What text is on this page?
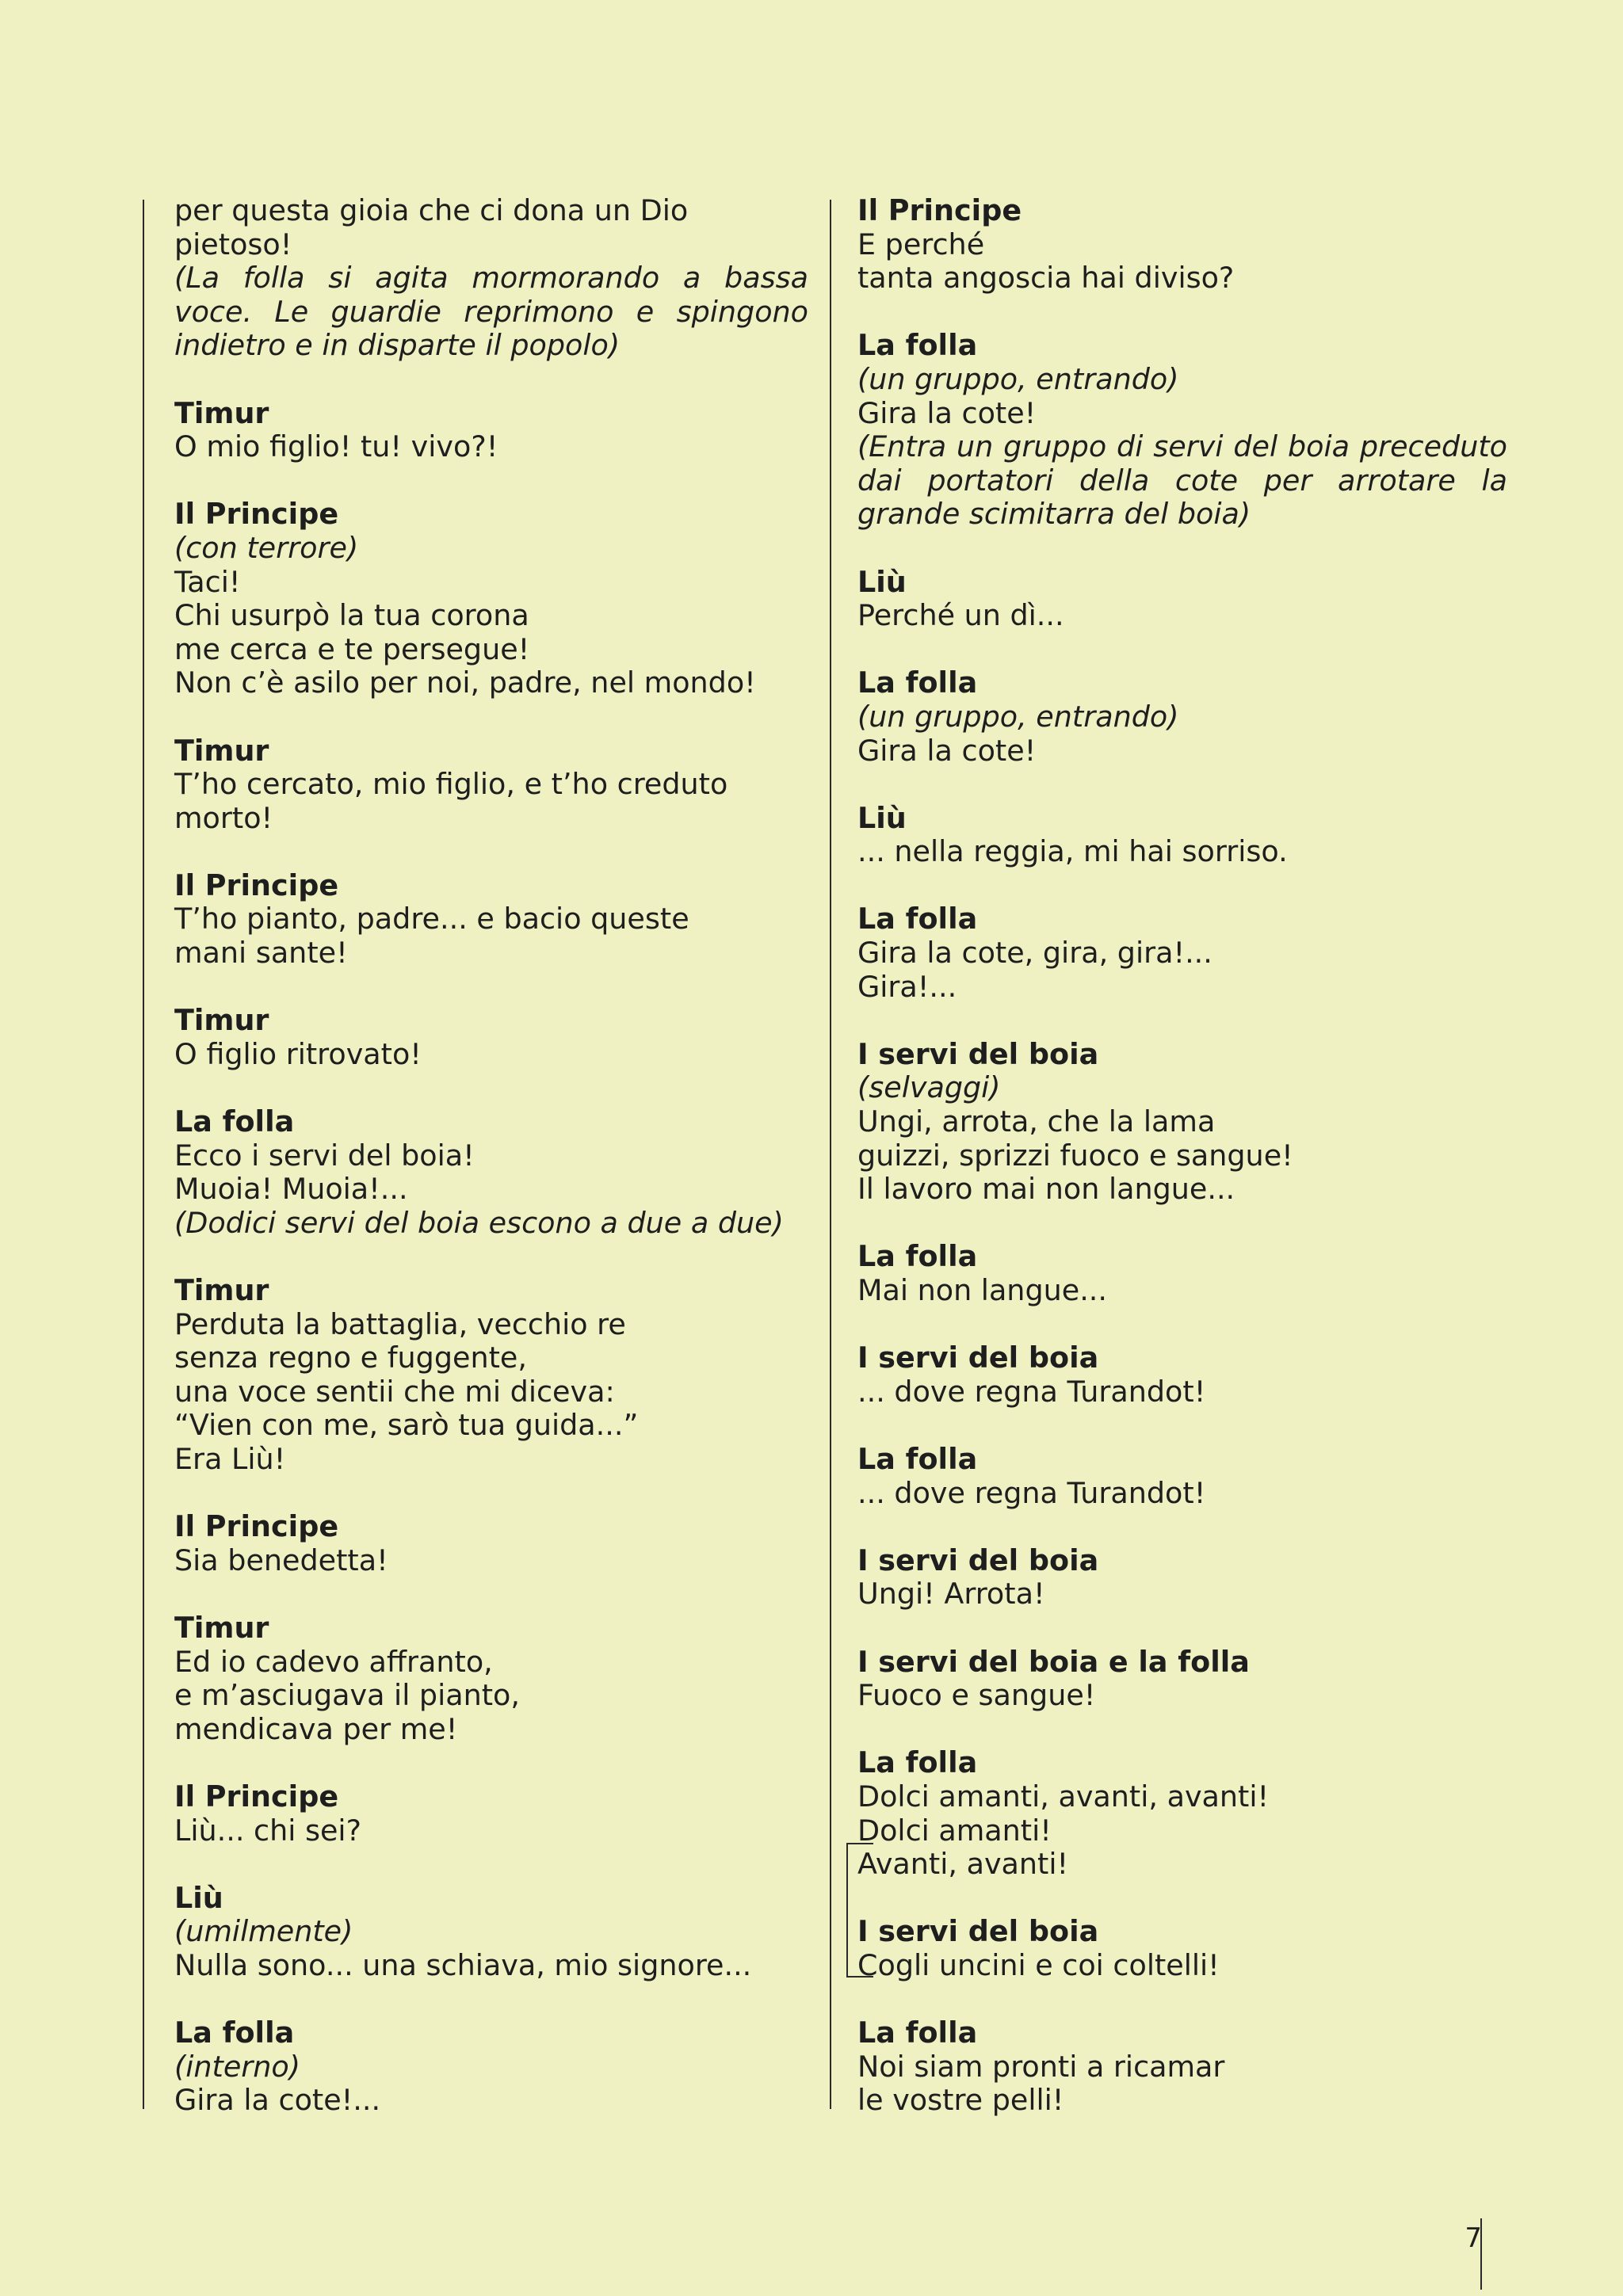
per questa gioia che ci dona un Dio
pietoso!
(La folla si agita mormorando a bassa voce. Le guardie reprimono e spingono indietro e in disparte il popolo)
Timur
O mio figlio! tu! vivo?!
Il Principe
(con terrore)
Taci!
Chi usurpò la tua corona
me cerca e te persegue!
Non c’è asilo per noi, padre, nel mondo!
Timur
T’ho cercato, mio figlio, e t’ho creduto
morto!
Il Principe
T’ho pianto, padre... e bacio queste
mani sante!
Timur
O figlio ritrovato!
La folla
Ecco i servi del boia!
Muoia! Muoia!...
(Dodici servi del boia escono a due a due)
Timur
Perduta la battaglia, vecchio re
senza regno e fuggente,
una voce sentii che mi diceva:
“Vien con me, sarò tua guida...”
Era Liù!
Il Principe
Sia benedetta!
Timur
Ed io cadevo affranto,
e m’asciugava il pianto,
mendicava per me!
Il Principe
Liù... chi sei?
Liù
(umilmente)
Nulla sono... una schiava, mio signore...
La folla
(interno)
Gira la cote!...
Il Principe
E perché
tanta angoscia hai diviso?
La folla
(un gruppo, entrando)
Gira la cote!
(Entra un gruppo di servi del boia preceduto dai portatori della cote per arrotare la grande scimitarra del boia)
Liù
Perché un dì...
La folla
(un gruppo, entrando)
Gira la cote!
Liù
... nella reggia, mi hai sorriso.
La folla
Gira la cote, gira, gira!...
Gira!...
I servi del boia
(selvaggi)
Ungi, arrota, che la lama
guizzi, sprizzi fuoco e sangue!
Il lavoro mai non langue...
La folla
Mai non langue...
I servi del boia
... dove regna Turandot!
La folla
... dove regna Turandot!
I servi del boia
Ungi! Arrota!
I servi del boia e la folla
Fuoco e sangue!
La folla
Dolci amanti, avanti, avanti!
Dolci amanti!
Avanti, avanti!
I servi del boia
Cogli uncini e coi coltelli!
La folla
Noi siam pronti a ricamar
le vostre pelli!
7
